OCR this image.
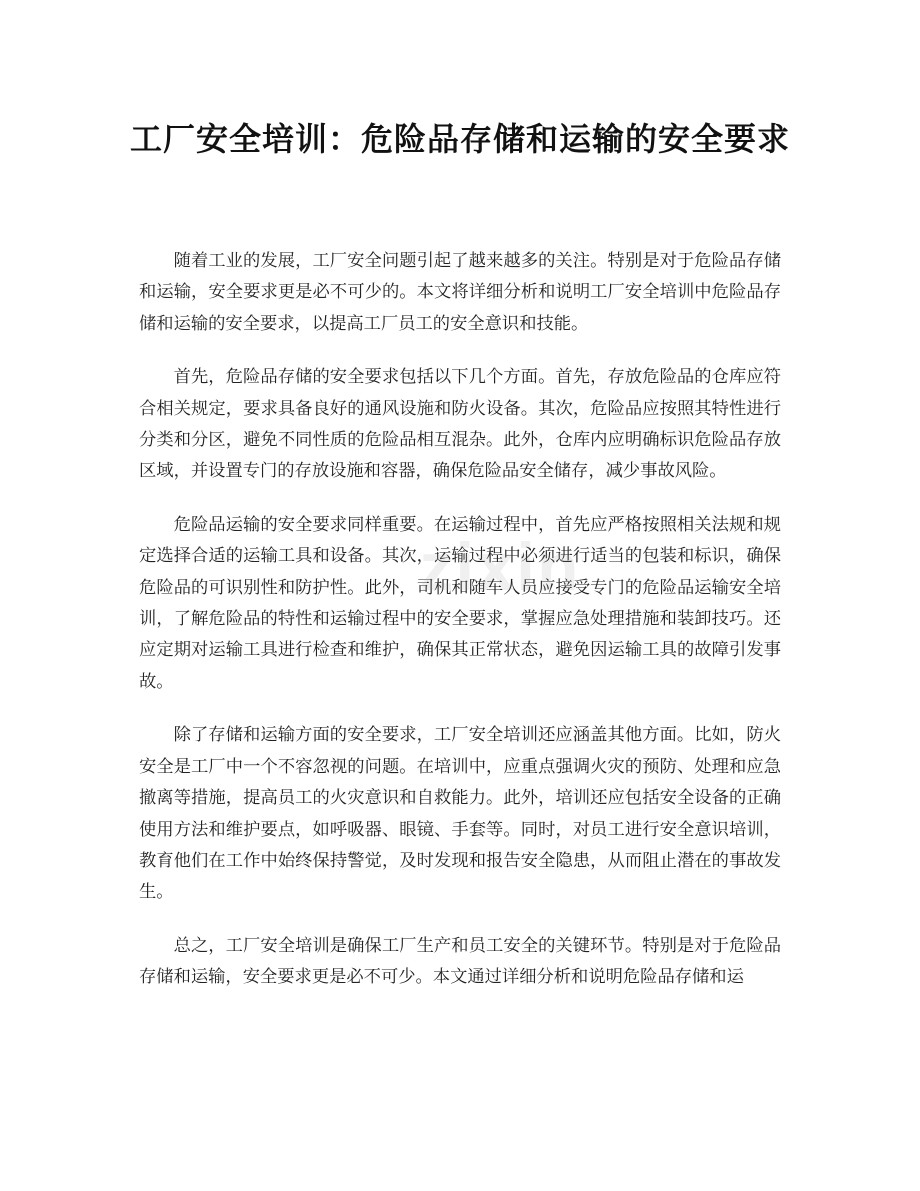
工厂安全培训：危险品存储和运输的安全要求

随着工业的发展，工厂安全问题引起了越来越多的关注。特别是对于危险品存储和运输，安全要求更是必不可少的。本文将详细分析和说明工厂安全培训中危险品存储和运输的安全要求，以提高工厂员工的安全意识和技能。

首先，危险品存储的安全要求包括以下几个方面。首先，存放危险品的仓库应符合相关规定，要求具备良好的通风设施和防火设备。其次，危险品应按照其特性进行分类和分区，避免不同性质的危险品相互混杂。此外，仓库内应明确标识危险品存放区域，并设置专门的存放设施和容器，确保危险品安全储存，减少事故风险。

危险品运输的安全要求同样重要。在运输过程中，首先应严格按照相关法规和规定选择合适的运输工具和设备。其次，运输过程中必须进行适当的包装和标识，确保危险品的可识别性和防护性。此外，司机和随车人员应接受专门的危险品运输安全培训，了解危险品的特性和运输过程中的安全要求，掌握应急处理措施和装卸技巧。还应定期对运输工具进行检查和维护，确保其正常状态，避免因运输工具的故障引发事故。

除了存储和运输方面的安全要求，工厂安全培训还应涵盖其他方面。比如，防火安全是工厂中一个不容忽视的问题。在培训中，应重点强调火灾的预防、处理和应急撤离等措施，提高员工的火灾意识和自救能力。此外，培训还应包括安全设备的正确使用方法和维护要点，如呼吸器、眼镜、手套等。同时，对员工进行安全意识培训，教育他们在工作中始终保持警觉，及时发现和报告安全隐患，从而阻止潜在的事故发生。

总之，工厂安全培训是确保工厂生产和员工安全的关键环节。特别是对于危险品存储和运输，安全要求更是必不可少。本文通过详细分析和说明危险品存储和运

zixin
